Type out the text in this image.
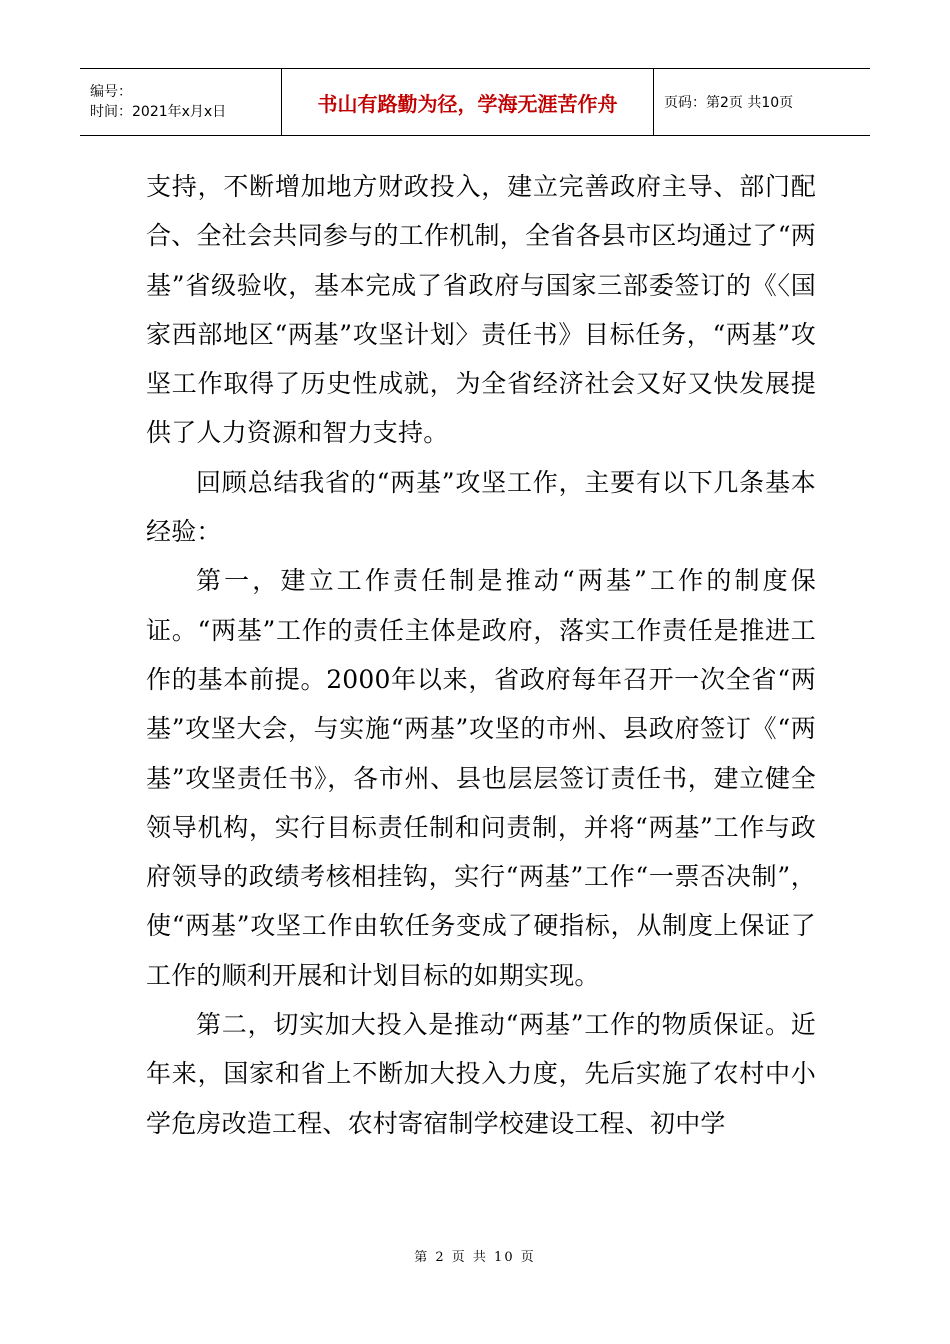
编号：
时间：2021年x月x日	书山有路勤为径，学海无涯苦作舟	页码：第2页 共10页

支持，不断增加地方财政投入，建立完善政府主导、部门配合、全社会共同参与的工作机制，全省各县市区均通过了“两基”省级验收，基本完成了省政府与国家三部委签订的《〈国家西部地区“两基”攻坚计划〉责任书》目标任务，“两基”攻坚工作取得了历史性成就，为全省经济社会又好又快发展提供了人力资源和智力支持。

回顾总结我省的“两基”攻坚工作，主要有以下几条基本经验：

第一，建立工作责任制是推动“两基”工作的制度保证。“两基”工作的责任主体是政府，落实工作责任是推进工作的基本前提。2000年以来，省政府每年召开一次全省“两基”攻坚大会，与实施“两基”攻坚的市州、县政府签订《“两基”攻坚责任书》，各市州、县也层层签订责任书，建立健全领导机构，实行目标责任制和问责制，并将“两基”工作与政府领导的政绩考核相挂钩，实行“两基”工作“一票否决制”，使“两基”攻坚工作由软任务变成了硬指标，从制度上保证了工作的顺利开展和计划目标的如期实现。

第二，切实加大投入是推动“两基”工作的物质保证。近年来，国家和省上不断加大投入力度，先后实施了农村中小学危房改造工程、农村寄宿制学校建设工程、初中学

第 2 页 共 10 页
